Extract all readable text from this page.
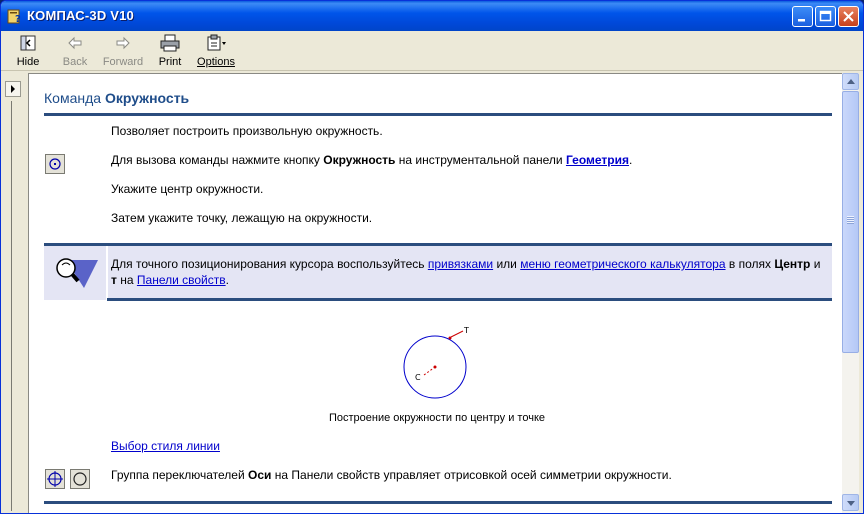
? КОМПАС-3D V10
Hide	Back	Forward	Print	Options
Команда Окружность
Позволяет построить произвольную окружность.
Для вызова команды нажмите кнопку Окружность на инструментальной панели Геометрия.
Укажите центр окружности.
Затем укажите точку, лежащую на окружности.
Для точного позиционирования курсора воспользуйтесь привязками или меню геометрического калькулятора в полях Центр и т на Панели свойств.
С
Т
Построение окружности по центру и точке
Выбор стиля линии
Группа переключателей Оси на Панели свойств управляет отрисовкой осей симметрии окружности.
